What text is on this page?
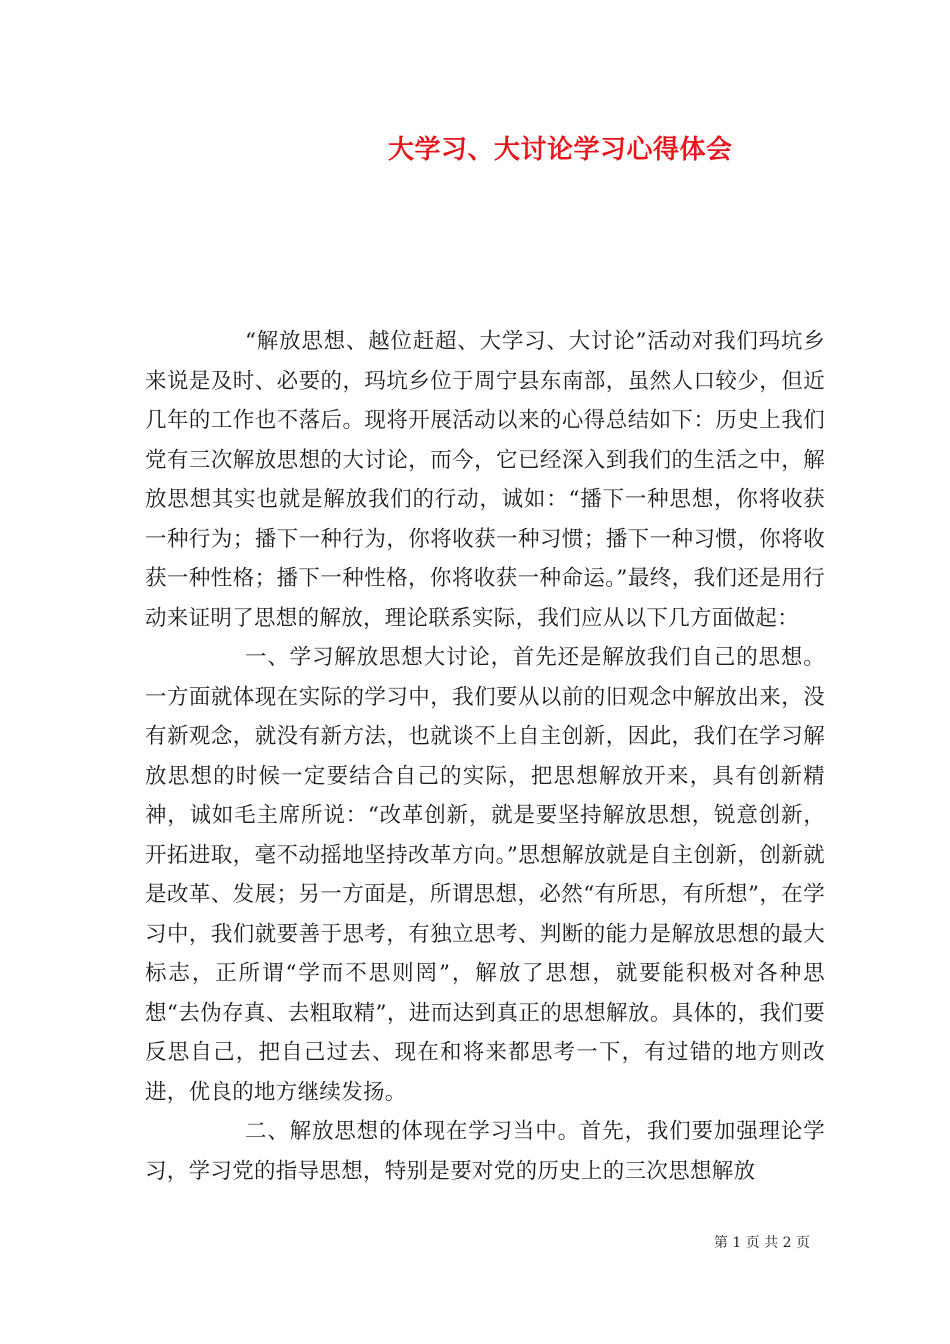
大学习、大讨论学习心得体会

“解放思想、越位赶超、大学习、大讨论”活动对我们玛坑乡来说是及时、必要的，玛坑乡位于周宁县东南部，虽然人口较少，但近几年的工作也不落后。现将开展活动以来的心得总结如下：历史上我们党有三次解放思想的大讨论，而今，它已经深入到我们的生活之中，解放思想其实也就是解放我们的行动，诚如：“播下一种思想，你将收获一种行为；播下一种行为，你将收获一种习惯；播下一种习惯，你将收获一种性格；播下一种性格，你将收获一种命运。”最终，我们还是用行动来证明了思想的解放，理论联系实际，我们应从以下几方面做起：

一、学习解放思想大讨论，首先还是解放我们自己的思想。一方面就体现在实际的学习中，我们要从以前的旧观念中解放出来，没有新观念，就没有新方法，也就谈不上自主创新，因此，我们在学习解放思想的时候一定要结合自己的实际，把思想解放开来，具有创新精神，诚如毛主席所说：“改革创新，就是要坚持解放思想，锐意创新，开拓进取，毫不动摇地坚持改革方向。”思想解放就是自主创新，创新就是改革、发展；另一方面是，所谓思想，必然“有所思，有所想”，在学习中，我们就要善于思考，有独立思考、判断的能力是解放思想的最大标志，正所谓“学而不思则罔”，解放了思想，就要能积极对各种思想“去伪存真、去粗取精”，进而达到真正的思想解放。具体的，我们要反思自己，把自己过去、现在和将来都思考一下，有过错的地方则改进，优良的地方继续发扬。

二、解放思想的体现在学习当中。首先，我们要加强理论学习，学习党的指导思想，特别是要对党的历史上的三次思想解放

第 1 页 共 2 页
